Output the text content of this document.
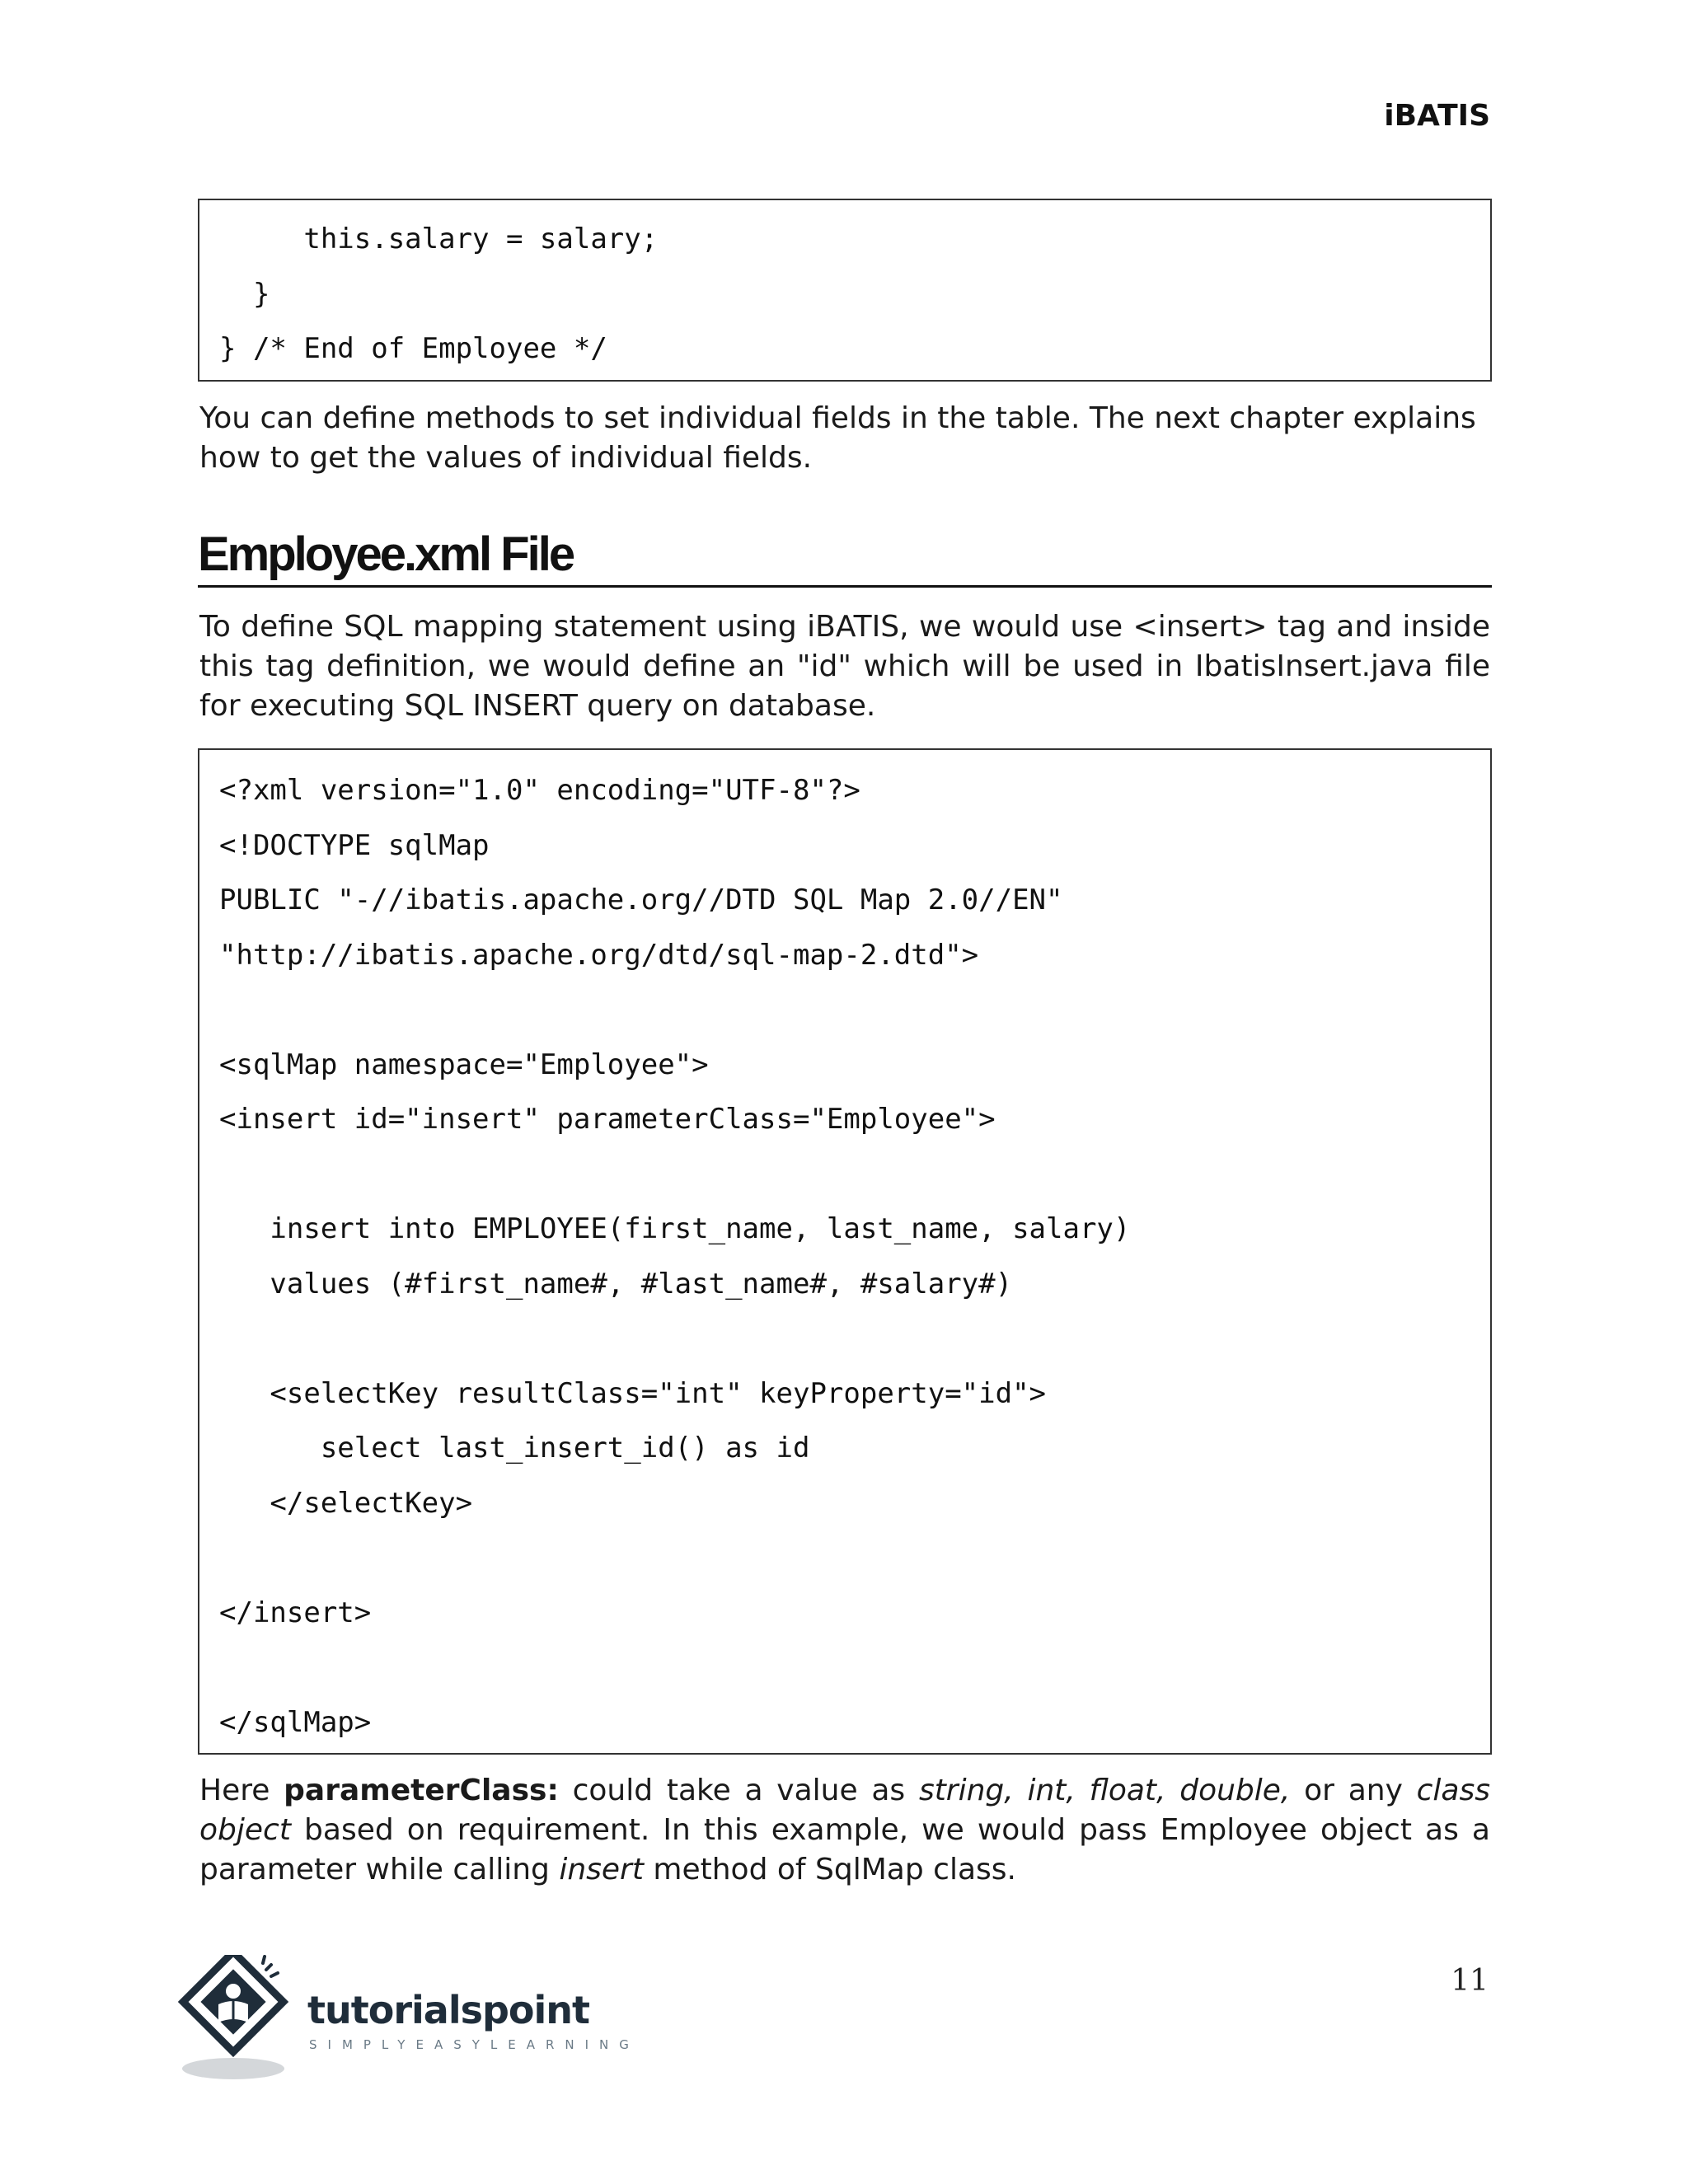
iBATIS
this.salary = salary;
}
} /* End of Employee */

You can define methods to set individual fields in the table. The next chapter explains how to get the values of individual fields.

Employee.xml File

To define SQL mapping statement using iBATIS, we would use <insert> tag and inside this tag definition, we would define an "id" which will be used in IbatisInsert.java file for executing SQL INSERT query on database.

<?xml version="1.0" encoding="UTF-8"?>
<!DOCTYPE sqlMap
PUBLIC "-//ibatis.apache.org//DTD SQL Map 2.0//EN"
"http://ibatis.apache.org/dtd/sql-map-2.dtd">
<sqlMap namespace="Employee">
<insert id="insert" parameterClass="Employee">
insert into EMPLOYEE(first_name, last_name, salary)
values (#first_name#, #last_name#, #salary#)
<selectKey resultClass="int" keyProperty="id">
select last_insert_id() as id
</selectKey>
</insert>
</sqlMap>

Here parameterClass: could take a value as string, int, float, double, or any class object based on requirement. In this example, we would pass Employee object as a parameter while calling insert method of SqlMap class.

11
tutorialspoint
SIMPLYEASYLEARNING
